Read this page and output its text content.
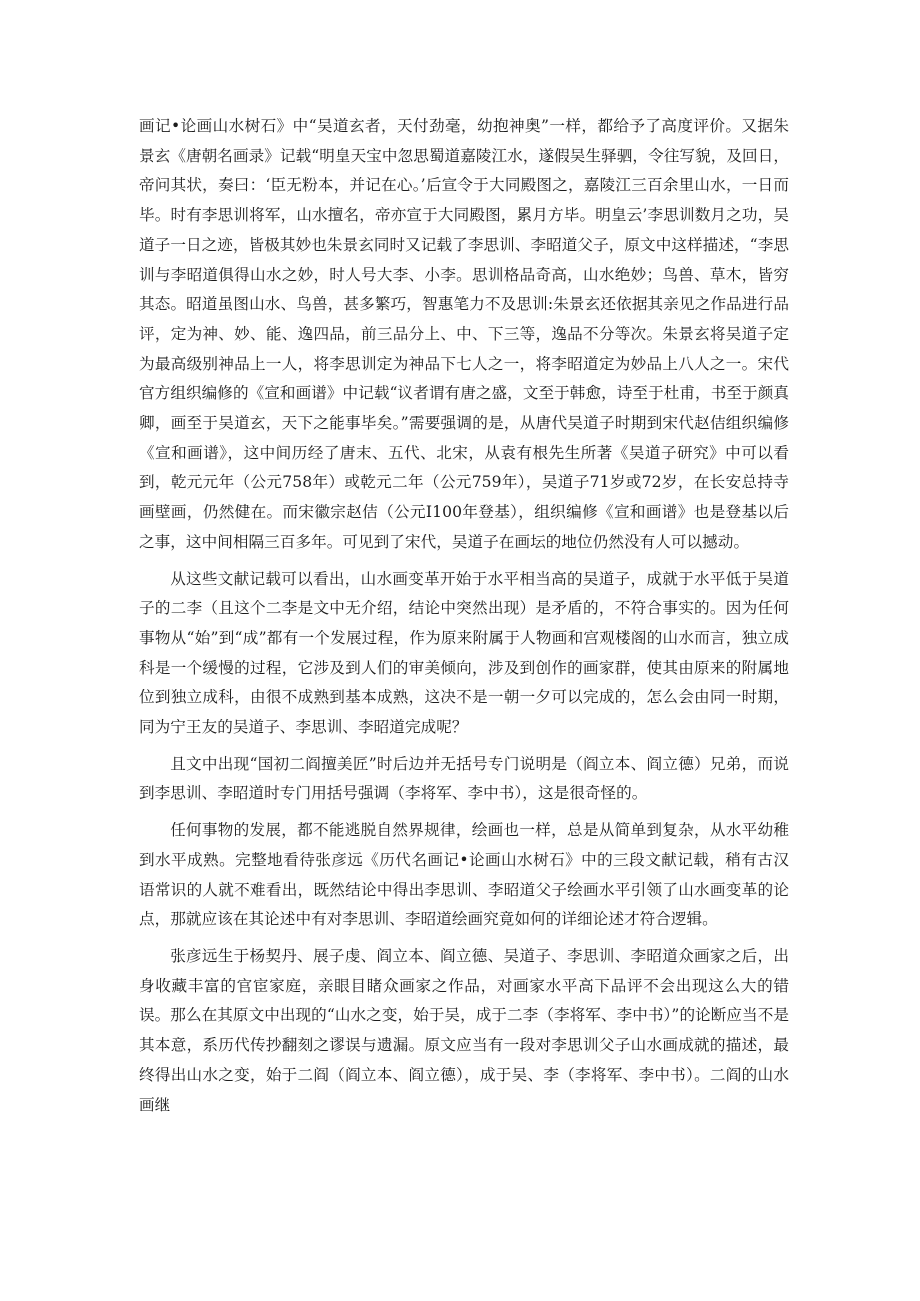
画记•论画山水树石》中“吴道玄者，天付劲毫，幼抱神奥”一样，都给予了高度评价。又据朱景玄《唐朝名画录》记载“明皇天宝中忽思蜀道嘉陵江水，遂假吴生驿驷，令往写貌，及回日，帝问其状，奏曰：‘臣无粉本，并记在心。’后宣令于大同殿图之，嘉陵江三百余里山水，一日而毕。时有李思训将军，山水擅名，帝亦宣于大同殿图，累月方毕。明皇云’李思训数月之功，吴道子一日之迹，皆极其妙也朱景玄同时又记载了李思训、李昭道父子，原文中这样描述，“李思训与李昭道俱得山水之妙，时人号大李、小李。思训格品奇高，山水绝妙；鸟兽、草木，皆穷其态。昭道虽图山水、鸟兽，甚多繁巧，智惠笔力不及思训:朱景玄还依据其亲见之作品进行品评，定为神、妙、能、逸四品，前三品分上、中、下三等，逸品不分等次。朱景玄将吴道子定为最高级别神品上一人，将李思训定为神品下七人之一，将李昭道定为妙品上八人之一。宋代官方组织编修的《宣和画谱》中记载“议者谓有唐之盛，文至于韩愈，诗至于杜甫，书至于颜真卿，画至于吴道玄，天下之能事毕矣。”需要强调的是，从唐代吴道子时期到宋代赵佶组织编修《宣和画谱》，这中间历经了唐末、五代、北宋，从袁有根先生所著《吴道子研究》中可以看到，乾元元年（公元758年）或乾元二年（公元759年），吴道子71岁或72岁，在长安总持寺画壁画，仍然健在。而宋徽宗赵佶（公元I100年登基），组织编修《宣和画谱》也是登基以后之事，这中间相隔三百多年。可见到了宋代，吴道子在画坛的地位仍然没有人可以撼动。

从这些文献记载可以看出，山水画变革开始于水平相当高的吴道子，成就于水平低于吴道子的二李（且这个二李是文中无介绍，结论中突然出现）是矛盾的，不符合事实的。因为任何事物从“始”到“成”都有一个发展过程，作为原来附属于人物画和宫观楼阁的山水而言，独立成科是一个缓慢的过程，它涉及到人们的审美倾向，涉及到创作的画家群，使其由原来的附属地位到独立成科，由很不成熟到基本成熟，这决不是一朝一夕可以完成的，怎么会由同一时期，同为宁王友的吴道子、李思训、李昭道完成呢？

且文中出现“国初二阎擅美匠”时后边并无括号专门说明是（阎立本、阎立德）兄弟，而说到李思训、李昭道时专门用括号强调（李将军、李中书），这是很奇怪的。

任何事物的发展，都不能逃脱自然界规律，绘画也一样，总是从简单到复杂，从水平幼稚到水平成熟。完整地看待张彦远《历代名画记•论画山水树石》中的三段文献记载，稍有古汉语常识的人就不难看出，既然结论中得出李思训、李昭道父子绘画水平引领了山水画变革的论点，那就应该在其论述中有对李思训、李昭道绘画究竟如何的详细论述才符合逻辑。

张彦远生于杨契丹、展子虔、阎立本、阎立德、吴道子、李思训、李昭道众画家之后，出身收藏丰富的官宦家庭，亲眼目睹众画家之作品，对画家水平高下品评不会出现这么大的错误。那么在其原文中出现的“山水之变，始于吴，成于二李（李将军、李中书）”的论断应当不是其本意，系历代传抄翻刻之谬误与遗漏。原文应当有一段对李思训父子山水画成就的描述，最终得出山水之变，始于二阎（阎立本、阎立德），成于吴、李（李将军、李中书）。二阎的山水画继
